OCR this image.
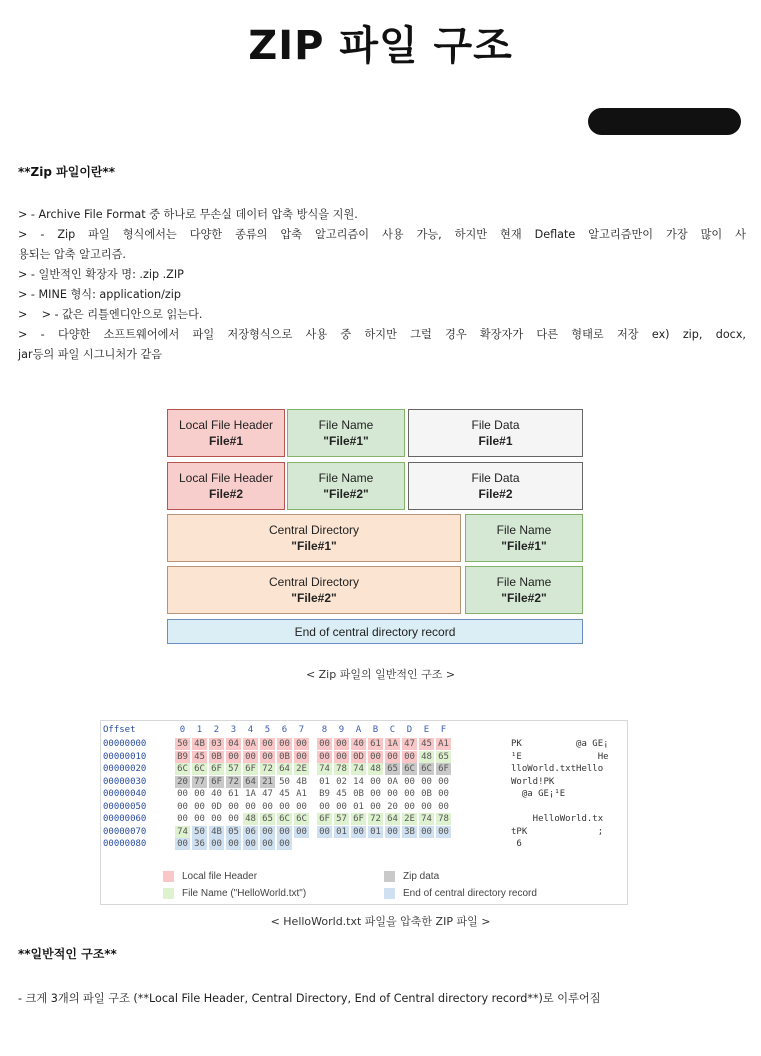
ZIP 파일 구조
**Zip 파일이란**
> - Archive File Format 중 하나로 무손실 데이터 압축 방식을 지원.
> - Zip 파일 형식에서는 다양한 종류의 압축 알고리즘이 사용 가능, 하지만 현재 Deflate 알고리즘만이 가장 많이 사
용되는 압축 알고리즘.
> - 일반적인 확장자 명: .zip .ZIP
> - MINE 형식: application/zip
>    > - 값은 리틀엔디안으로 읽는다.
> - 다양한 소프트웨어에서 파일 저장형식으로 사용 중 하지만 그럴 경우 확장자가 다른 형태로 저장 ex) zip, docx,
jar등의 파일 시그니처가 같음
Local File Header
File#1
File Name
"File#1"
File Data
File#1
Local File Header
File#2
File Name
"File#2"
File Data
File#2
Central Directory
"File#1"
File Name
"File#1"
Central Directory
"File#2"
File Name
"File#2"
End of central directory record
< Zip 파일의 일반적인 구조 >
Offset	0	1	2	3	4	5	6	7	8	9	A	B	C	D	E	F
00000000	50 4B 03 04 0A 00 00 00 00 00 40 61 1A 47 45 A1	PK          @a GE¡
00000010	B9 45 0B 00 00 00 0B 00 00 00 0D 00 00 00 48 65	¹E              He
00000020	6C 6C 6F 57 6F 72 64 2E 74 78 74 48 65 6C 6C 6F	lloWorld.txtHello
00000030	20 77 6F 72 64 21 50 4B 01 02 14 00 0A 00 00 00	World!PK
00000040	00 00 40 61 1A 47 45 A1 B9 45 0B 00 00 00 0B 00	@a GE¡¹E
00000050	00 00 0D 00 00 00 00 00 00 00 01 00 20 00 00 00
00000060	00 00 00 00 48 65 6C 6C 6F 57 6F 72 64 2E 74 78	HelloWorld.tx
00000070	74 50 4B 05 06 00 00 00 00 01 00 01 00 3B 00 00	tPK             ;
00000080	00 36 00 00 00 00 00	6
Local file Header
File Name ("HelloWorld.txt")
Zip data
End of central directory record
< HelloWorld.txt 파일을 압축한 ZIP 파일 >
**일반적인 구조**
- 크게 3개의 파일 구조 (**Local File Header, Central Directory, End of Central directory record**)로 이루어짐
